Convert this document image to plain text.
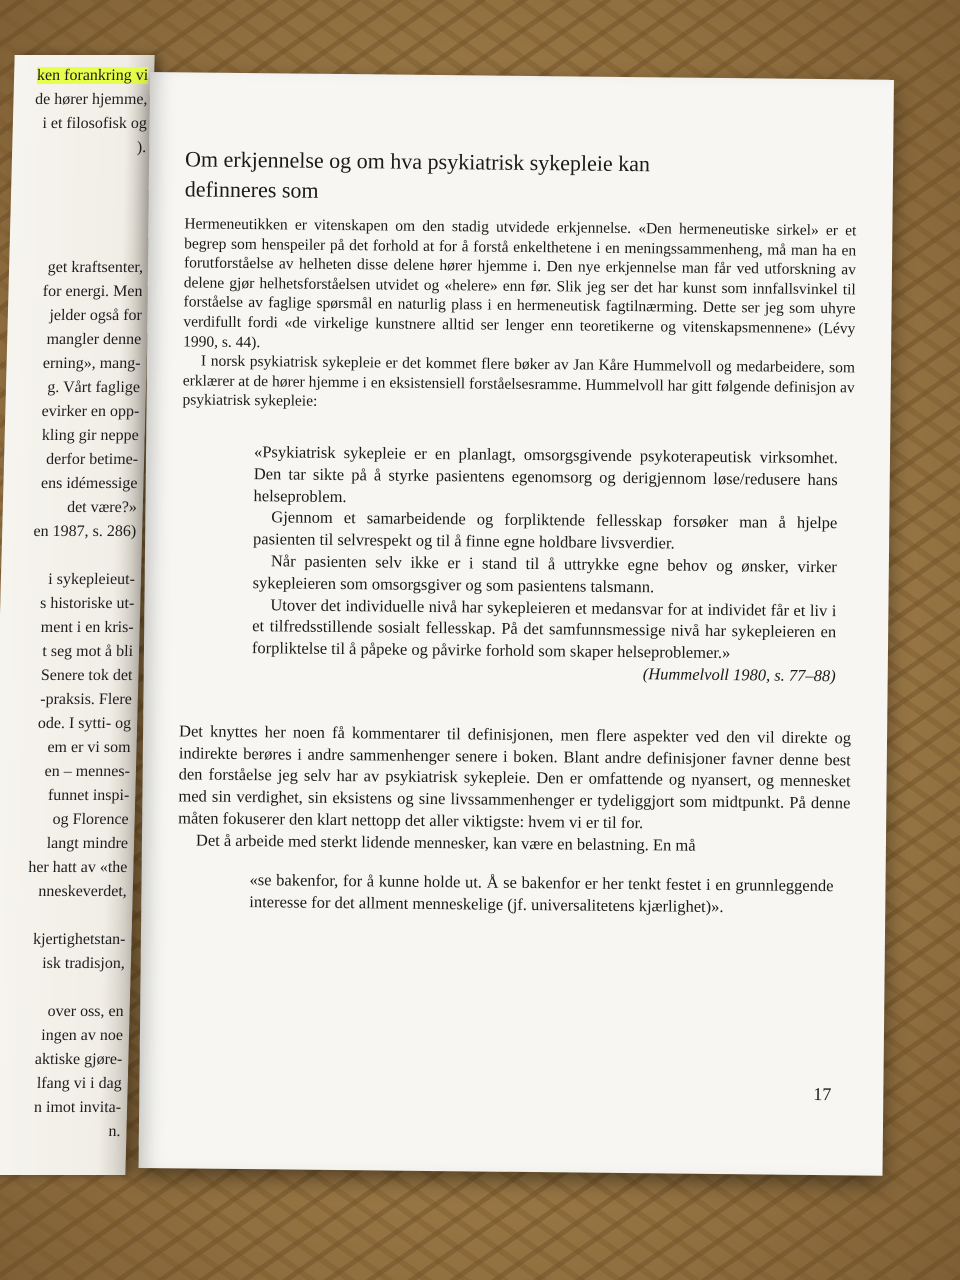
ken forankring vi
de hører hjemme,
i et filosofisk og
).
get kraftsenter,
for energi. Men
jelder også for
mangler denne
erning», mang-
g. Vårt faglige
evirker en opp-
kling gir neppe
derfor betime-
ens idémessige
det være?»
en 1987, s. 286)
i sykepleieut-
s historiske ut-
ment i en kris-
t seg mot å bli
Senere tok det
-praksis. Flere
ode. I sytti- og
em er vi som
en – mennes-
funnet inspi-
og Florence
langt mindre
her hatt av «the
nneskeverdet,
kjertighetstan-
isk tradisjon,
over oss, en
ingen av noe
aktiske gjøre-
lfang vi i dag
n imot invita-
n.
Om erkjennelse og om hva psykiatrisk sykepleie kan definneres som

Hermeneutikken er vitenskapen om den stadig utvidede erkjennelse. «Den hermeneutiske sirkel» er et begrep som henspeiler på det forhold at for å forstå enkelthetene i en meningssammenheng, må man ha en forutforståelse av helheten disse delene hører hjemme i. Den nye erkjennelse man får ved utforskning av delene gjør helhetsforståelsen utvidet og «helere» enn før. Slik jeg ser det har kunst som innfallsvinkel til forståelse av faglige spørsmål en naturlig plass i en hermeneutisk fagtilnærming. Dette ser jeg som uhyre verdifullt fordi «de virkelige kunstnere alltid ser lenger enn teoretikerne og vitenskapsmennene» (Lévy 1990, s. 44).

I norsk psykiatrisk sykepleie er det kommet flere bøker av Jan Kåre Hummelvoll og medarbeidere, som erklærer at de hører hjemme i en eksistensiell forståelsesramme. Hummelvoll har gitt følgende definisjon av psykiatrisk sykepleie:

«Psykiatrisk sykepleie er en planlagt, omsorgsgivende psykoterapeutisk virksomhet. Den tar sikte på å styrke pasientens egenomsorg og derigjennom løse/redusere hans helseproblem.

Gjennom et samarbeidende og forpliktende fellesskap forsøker man å hjelpe pasienten til selvrespekt og til å finne egne holdbare livsverdier.

Når pasienten selv ikke er i stand til å uttrykke egne behov og ønsker, virker sykepleieren som omsorgsgiver og som pasientens talsmann.

Utover det individuelle nivå har sykepleieren et medansvar for at individet får et liv i et tilfredsstillende sosialt fellesskap. På det samfunnsmessige nivå har sykepleieren en forpliktelse til å påpeke og påvirke forhold som skaper helseproblemer.»

(Hummelvoll 1980, s. 77–88)

Det knyttes her noen få kommentarer til definisjonen, men flere aspekter ved den vil direkte og indirekte berøres i andre sammenhenger senere i boken. Blant andre definisjoner favner denne best den forståelse jeg selv har av psykiatrisk sykepleie. Den er omfattende og nyansert, og mennesket med sin verdighet, sin eksistens og sine livssammenhenger er tydeliggjort som midtpunkt. På denne måten fokuserer den klart nettopp det aller viktigste: hvem vi er til for.

Det å arbeide med sterkt lidende mennesker, kan være en belastning. En må

«se bakenfor, for å kunne holde ut. Å se bakenfor er her tenkt festet i en grunnleggende interesse for det allment menneskelige (jf. universalitetens kjærlighet)».

17
